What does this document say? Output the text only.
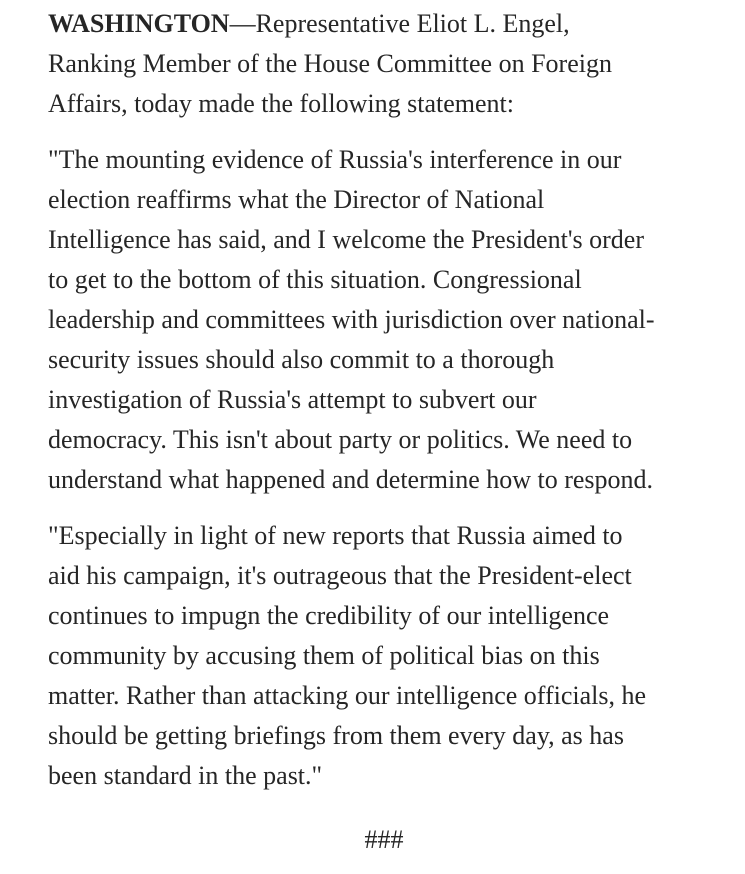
WASHINGTON—Representative Eliot L. Engel,
Ranking Member of the House Committee on Foreign
Affairs, today made the following statement:

"The mounting evidence of Russia's interference in our
election reaffirms what the Director of National
Intelligence has said, and I welcome the President's order
to get to the bottom of this situation. Congressional
leadership and committees with jurisdiction over national-
security issues should also commit to a thorough
investigation of Russia's attempt to subvert our
democracy. This isn't about party or politics. We need to
understand what happened and determine how to respond.

"Especially in light of new reports that Russia aimed to
aid his campaign, it's outrageous that the President-elect
continues to impugn the credibility of our intelligence
community by accusing them of political bias on this
matter. Rather than attacking our intelligence officials, he
should be getting briefings from them every day, as has
been standard in the past."

###
